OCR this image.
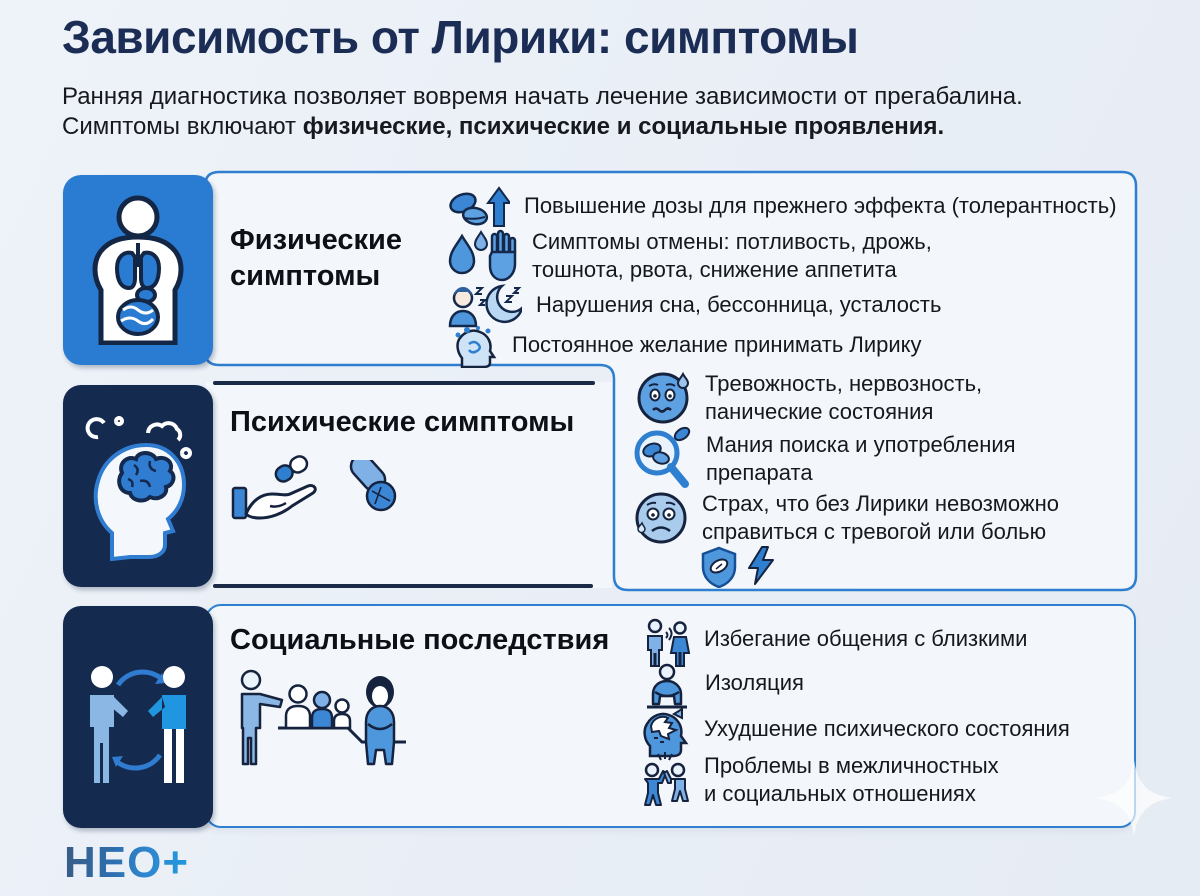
Зависимость от Лирики: симптомы

Ранняя диагностика позволяет вовремя начать лечение зависимости от прегабалина.
Симптомы включают физические, психические и социальные проявления.

Физические
симптомы
Психические симптомы
Социальные последствия
Повышение дозы для прежнего эффекта (толерантность)
Симптомы отмены: потливость, дрожь,
тошнота, рвота, снижение аппетита
Нарушения сна, бессонница, усталость
Постоянное желание принимать Лирику
Тревожность, нервозность,
панические состояния
Мания поиска и употребления
препарата
Страх, что без Лирики невозможно
справиться с тревогой или болью
Избегание общения с близкими
Изоляция
Ухудшение психического состояния
Проблемы в межличностных
и социальных отношениях

НЕО+
